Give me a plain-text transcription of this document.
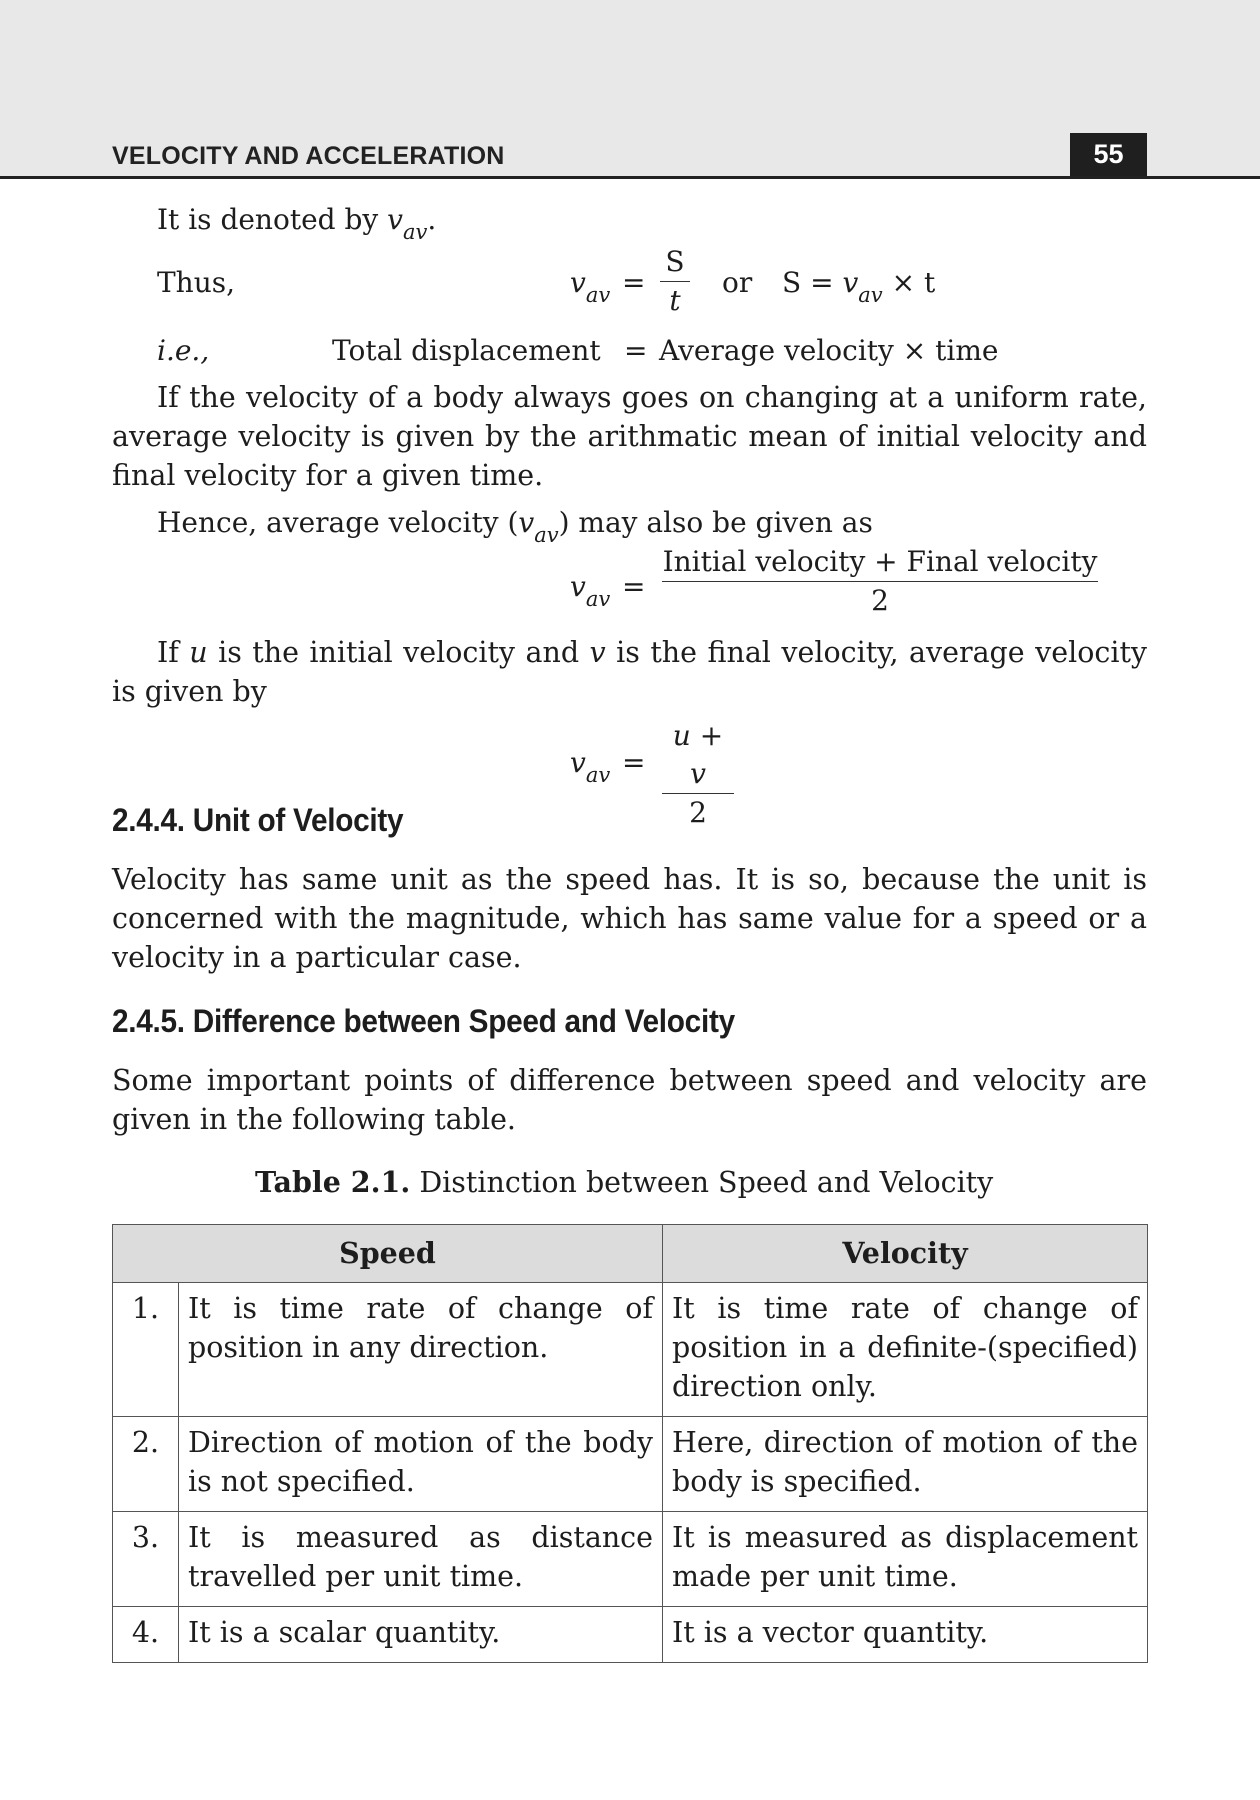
VELOCITY AND ACCELERATION	55
It is denoted by $v_{av}$.
Thus,	$v_{av} = \frac{S}{t}$ or $S = v_{av} \times t$
i.e.,	Total displacement = Average velocity × time
If the velocity of a body always goes on changing at a uniform rate, average velocity is given by the arithmatic mean of initial velocity and final velocity for a given time.
Hence, average velocity $(v_{av})$ may also be given as
$v_{av}$ =
Initial velocity + Final velocity
2
If u is the initial velocity and v is the final velocity, average velocity is given by
$v_{av} = \frac{u + v}{2}$
2.4.4. Unit of Velocity
Velocity has same unit as the speed has. It is so, because the unit is concerned with the magnitude, which has same value for a speed or a velocity in a particular case.
2.4.5. Difference between Speed and Velocity
Some important points of difference between speed and velocity are given in the following table.
Table 2.1. Distinction between Speed and Velocity
Speed		Velocity
1.	It is time rate of change of position in any direction.	It is time rate of change of position in a definite-(specified) direction only.
2.	Direction of motion of the body is not specified.	Here, direction of motion of the body is specified.
3.	It is measured as distance travelled per unit time.	It is measured as displacement made per unit time.
4.	It is a scalar quantity.	It is a vector quantity.
